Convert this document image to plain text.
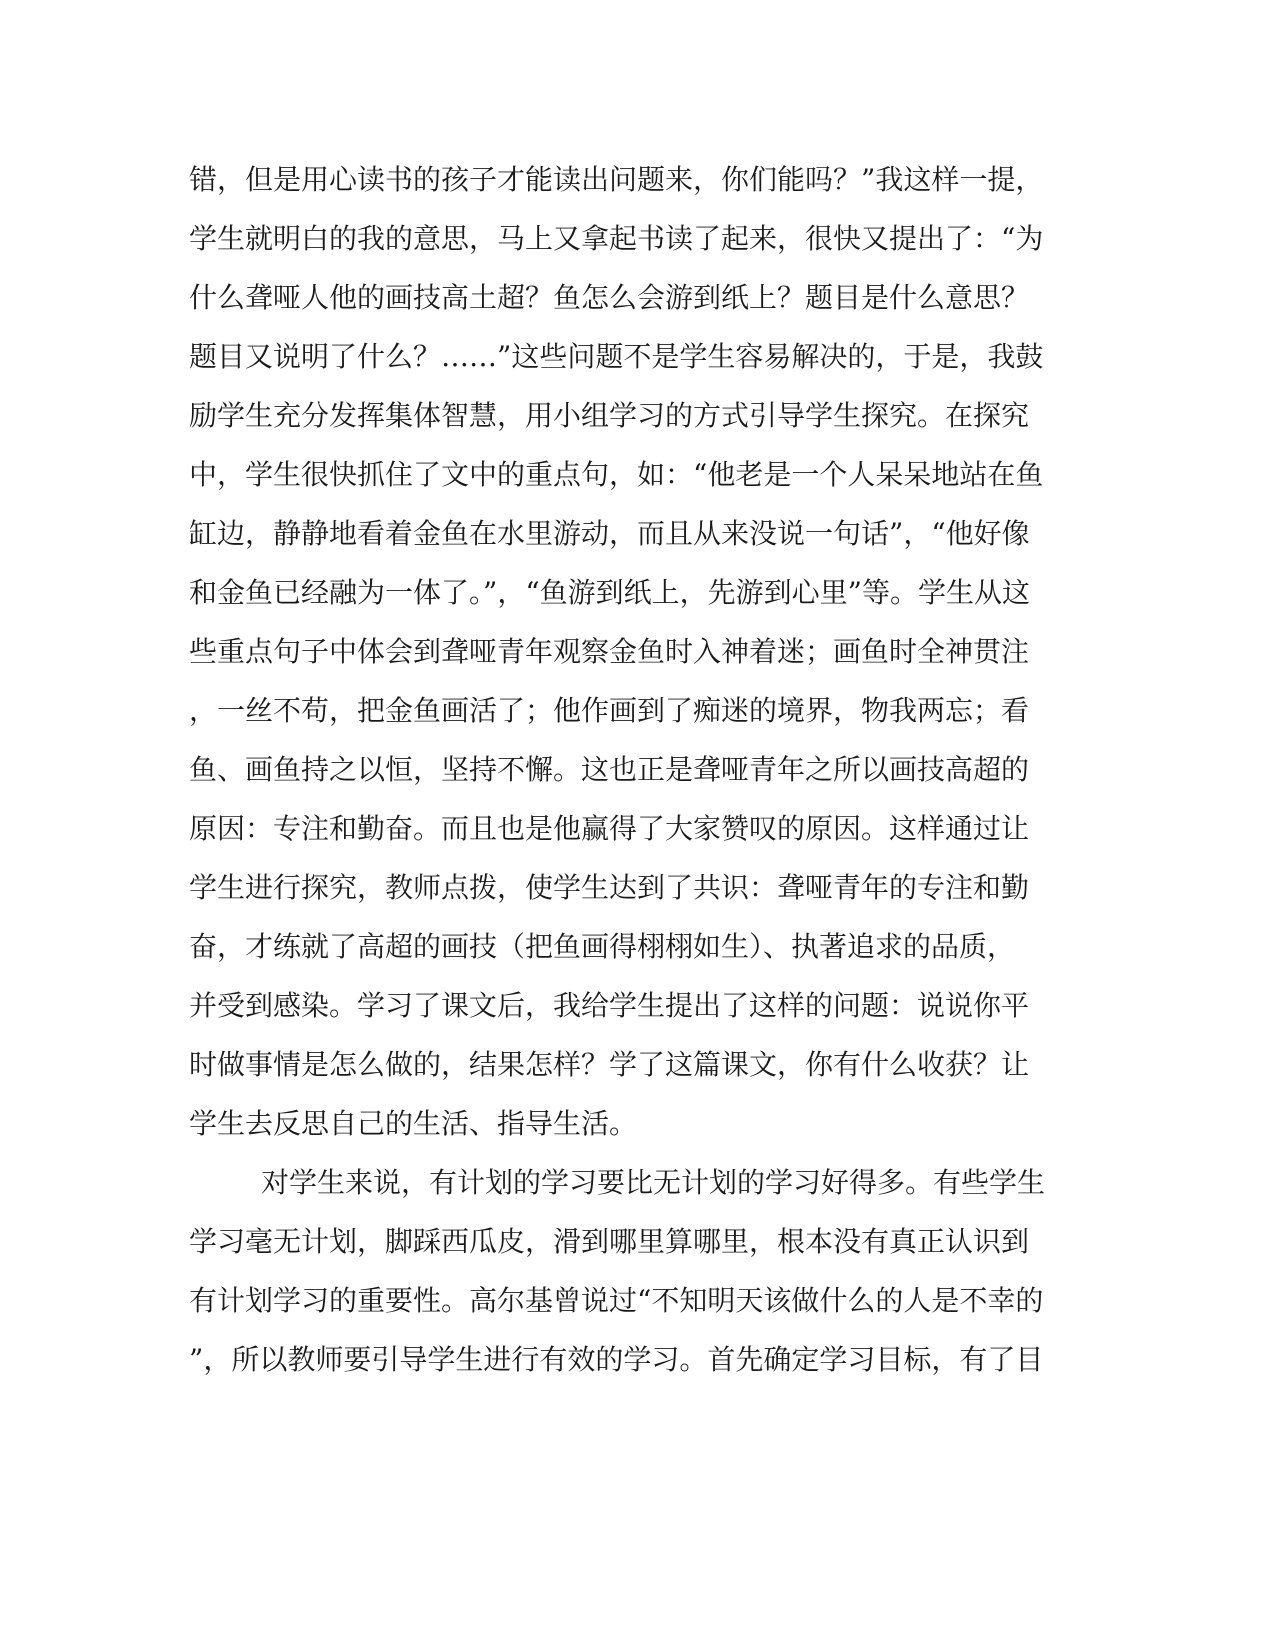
错，但是用心读书的孩子才能读出问题来，你们能吗？”我这样一提，
学生就明白的我的意思，马上又拿起书读了起来，很快又提出了：“为
什么聋哑人他的画技高土超？鱼怎么会游到纸上？题目是什么意思？
题目又说明了什么？……”这些问题不是学生容易解决的，于是，我鼓
励学生充分发挥集体智慧，用小组学习的方式引导学生探究。在探究
中，学生很快抓住了文中的重点句，如：“他老是一个人呆呆地站在鱼
缸边，静静地看着金鱼在水里游动，而且从来没说一句话”，“他好像
和金鱼已经融为一体了。”，“鱼游到纸上，先游到心里”等。学生从这
些重点句子中体会到聋哑青年观察金鱼时入神着迷；画鱼时全神贯注
，一丝不苟，把金鱼画活了；他作画到了痴迷的境界，物我两忘；看
鱼、画鱼持之以恒，坚持不懈。这也正是聋哑青年之所以画技高超的
原因：专注和勤奋。而且也是他赢得了大家赞叹的原因。这样通过让
学生进行探究，教师点拨，使学生达到了共识：聋哑青年的专注和勤
奋，才练就了高超的画技（把鱼画得栩栩如生）、执著追求的品质，
并受到感染。学习了课文后，我给学生提出了这样的问题：说说你平
时做事情是怎么做的，结果怎样？学了这篇课文，你有什么收获？让
学生去反思自己的生活、指导生活。
对学生来说，有计划的学习要比无计划的学习好得多。有些学生
学习毫无计划，脚踩西瓜皮，滑到哪里算哪里，根本没有真正认识到
有计划学习的重要性。高尔基曾说过“不知明天该做什么的人是不幸的
”，所以教师要引导学生进行有效的学习。首先确定学习目标，有了目
